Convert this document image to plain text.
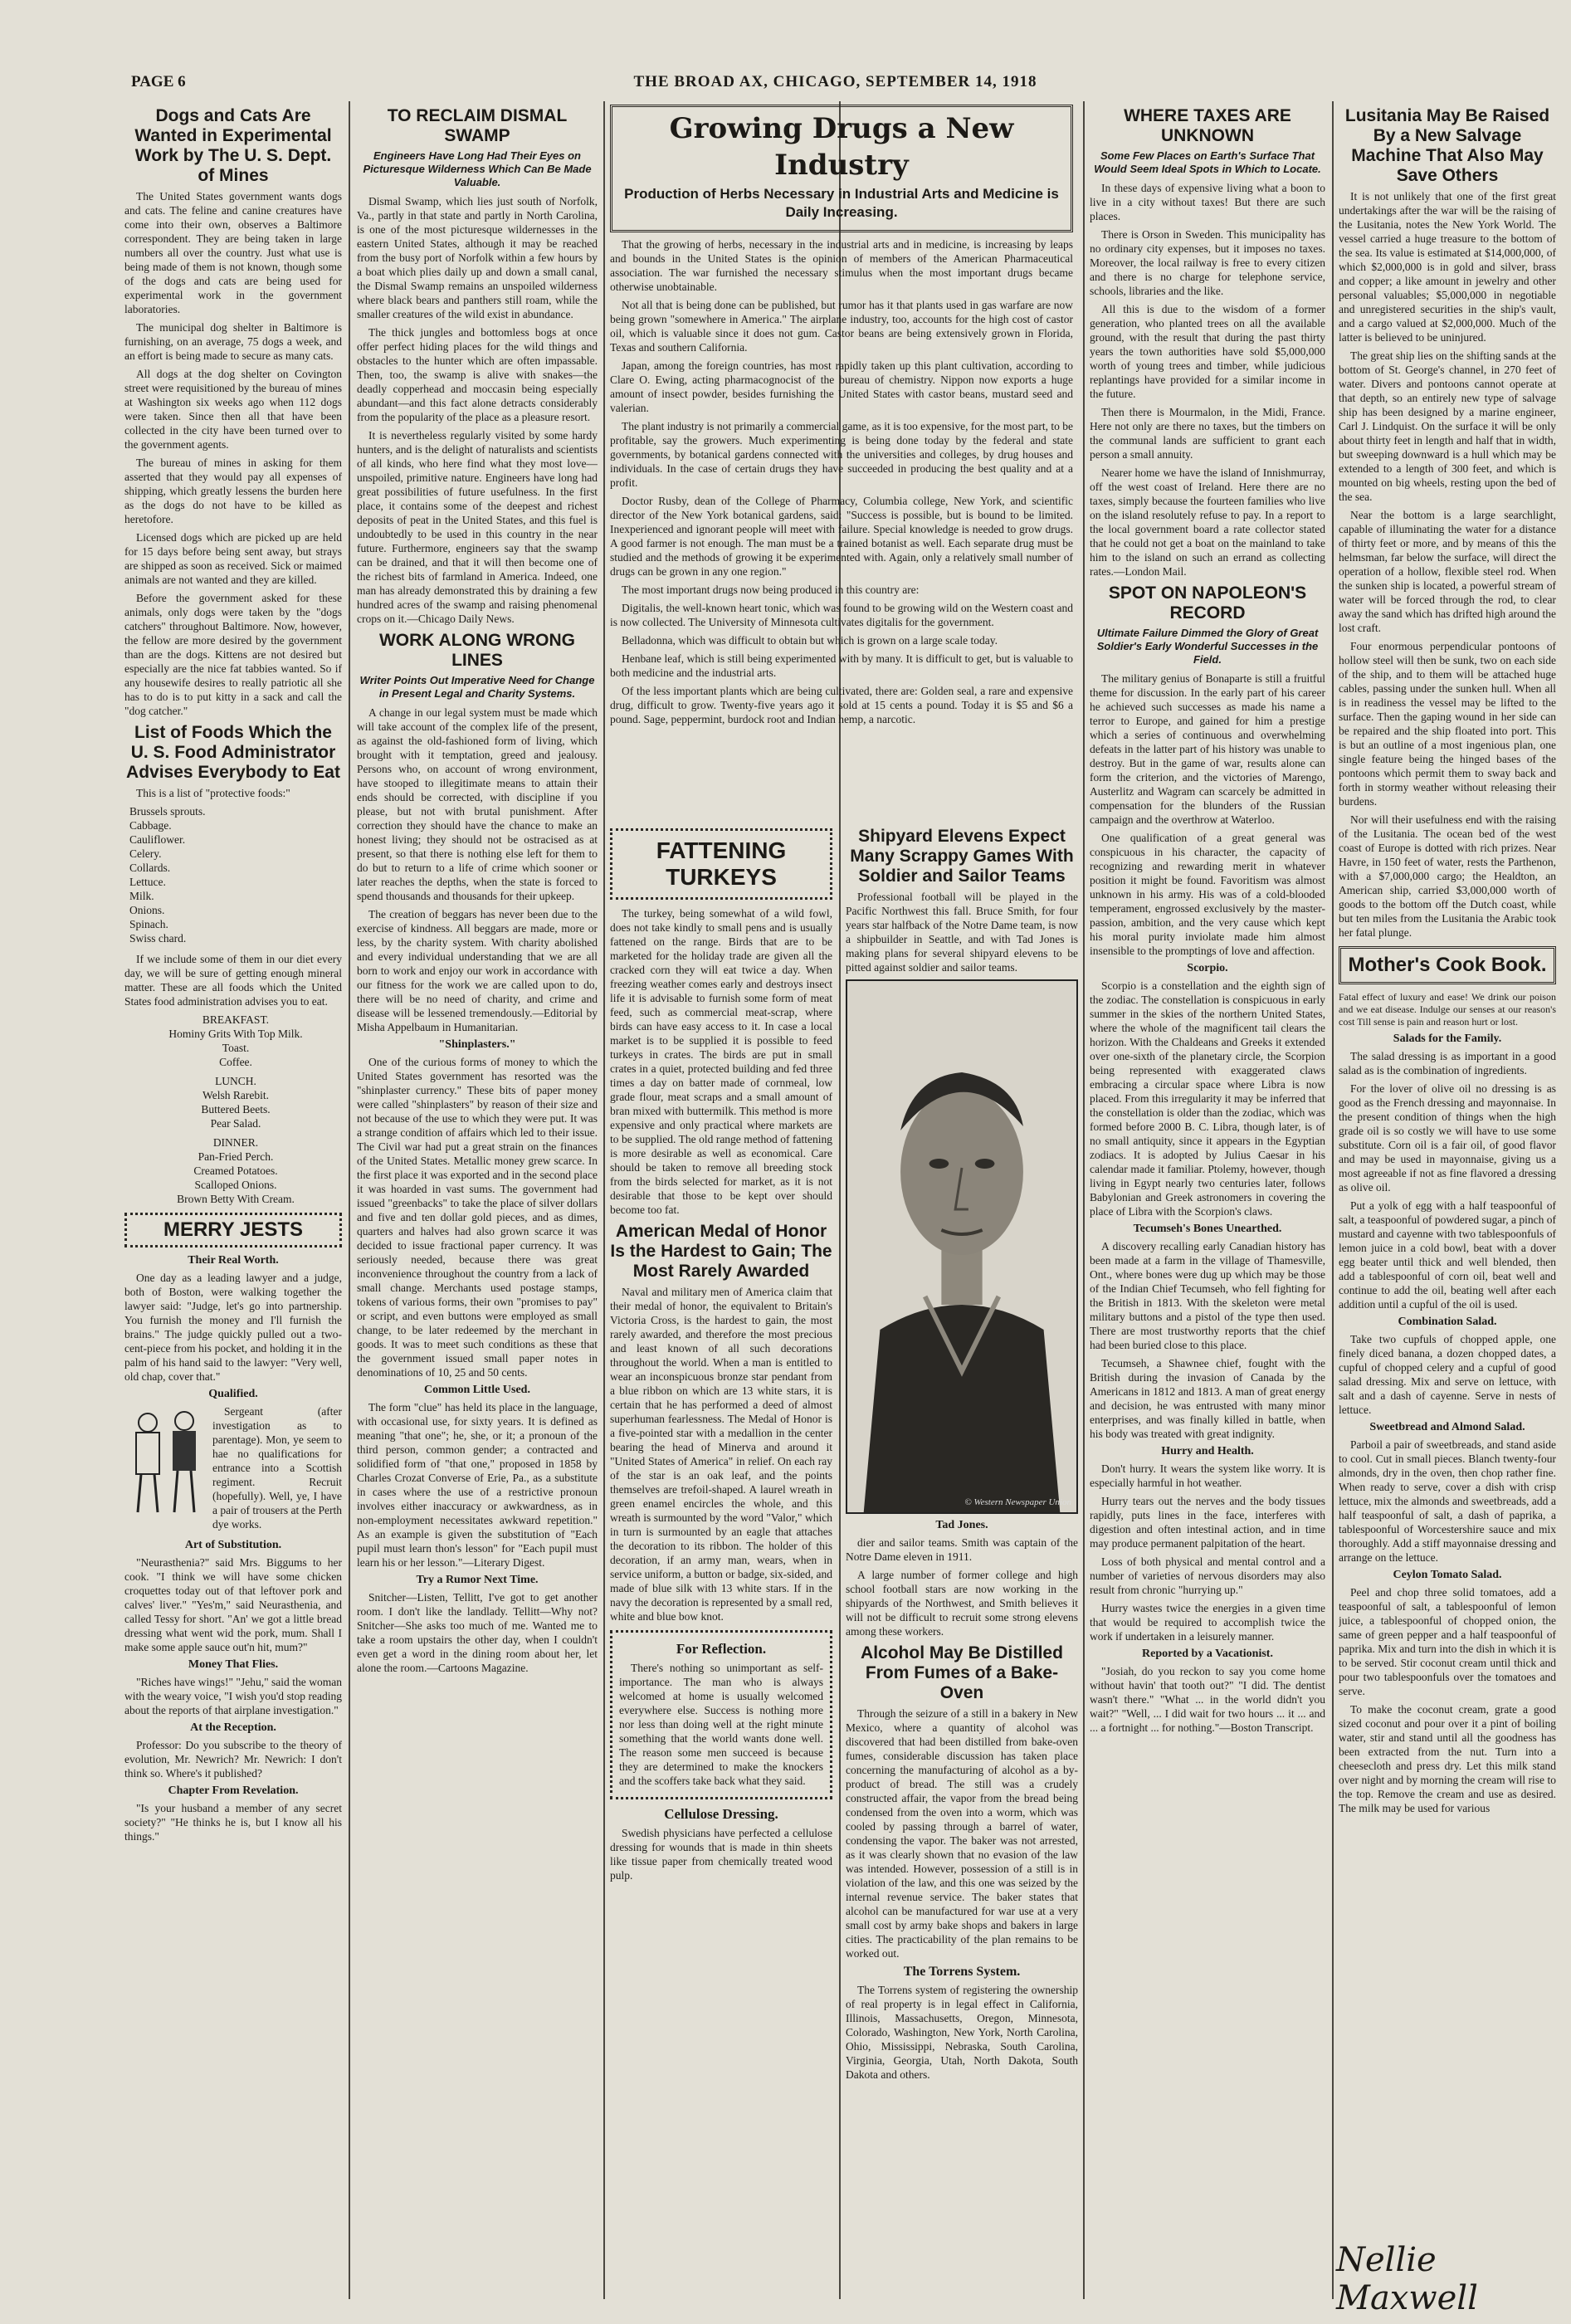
PAGE 6	THE BROAD AX, CHICAGO, SEPTEMBER 14, 1918
Dogs and Cats Are Wanted in Experimental Work by The U. S. Dept. of Mines

The United States government wants dogs and cats. The feline and canine creatures have come into their own, observes a Baltimore correspondent. They are being taken in large numbers all over the country. Just what use is being made of them is not known, though some of the dogs and cats are being used for experimental work in the government laboratories.

The municipal dog shelter in Baltimore is furnishing, on an average, 75 dogs a week, and an effort is being made to secure as many cats.

All dogs at the dog shelter on Covington street were requisitioned by the bureau of mines at Washington six weeks ago when 112 dogs were taken. Since then all that have been collected in the city have been turned over to the government agents.

The bureau of mines in asking for them asserted that they would pay all expenses of shipping, which greatly lessens the burden here as the dogs do not have to be killed as heretofore.

Licensed dogs which are picked up are held for 15 days before being sent away, but strays are shipped as soon as received. Sick or maimed animals are not wanted and they are killed.

Before the government asked for these animals, only dogs were taken by the "dogs catchers" throughout Baltimore. Now, however, the fellow are more desired by the government than are the dogs. Kittens are not desired but especially are the nice fat tabbies wanted. So if any housewife desires to really patriotic all she has to do is to put kitty in a sack and call the "dog catcher."

List of Foods Which the U. S. Food Administrator Advises Everybody to Eat

This is a list of "protective foods:"

Brussels sprouts.
Cabbage.
Cauliflower.
Celery.
Collards.
Lettuce.
Milk.
Onions.
Spinach.
Swiss chard.

If we include some of them in our diet every day, we will be sure of getting enough mineral matter. These are all foods which the United States food administration advises you to eat.

BREAKFAST.
Hominy Grits With Top Milk.
Toast.
Coffee.
LUNCH.
Welsh Rarebit.
Buttered Beets.
Pear Salad.
DINNER.
Pan-Fried Perch.
Creamed Potatoes.
Scalloped Onions.
Brown Betty With Cream.
MERRY JESTS
Their Real Worth.

One day as a leading lawyer and a judge, both of Boston, were walking together the lawyer said: "Judge, let's go into partnership. You furnish the money and I'll furnish the brains." The judge quickly pulled out a two-cent-piece from his pocket, and holding it in the palm of his hand said to the lawyer: "Very well, old chap, cover that."

Qualified.

Sergeant (after investigation as to parentage). Mon, ye seem to hae no qualifications for entrance into a Scottish regiment. Recruit (hopefully). Well, ye, I have a pair of trousers at the Perth dye works.

Art of Substitution.

"Neurasthenia?" said Mrs. Biggums to her cook. "I think we will have some chicken croquettes today out of that leftover pork and calves' liver." "Yes'm," said Neurasthenia, and called Tessy for short. "An' we got a little bread dressing what went wid the pork, mum. Shall I make some apple sauce out'n hit, mum?"

Money That Flies.

"Riches have wings!" "Jehu," said the woman with the weary voice, "I wish you'd stop reading about the reports of that airplane investigation."

At the Reception.

Professor: Do you subscribe to the theory of evolution, Mr. Newrich? Mr. Newrich: I don't think so. Where's it published?

Chapter From Revelation.

"Is your husband a member of any secret society?" "He thinks he is, but I know all his things."

TO RECLAIM DISMAL SWAMP
Engineers Have Long Had Their Eyes on Picturesque Wilderness Which Can Be Made Valuable.

Dismal Swamp, which lies just south of Norfolk, Va., partly in that state and partly in North Carolina, is one of the most picturesque wildernesses in the eastern United States, although it may be reached from the busy port of Norfolk within a few hours by a boat which plies daily up and down a small canal, the Dismal Swamp remains an unspoiled wilderness where black bears and panthers still roam, while the smaller creatures of the wild exist in abundance.

The thick jungles and bottomless bogs at once offer perfect hiding places for the wild things and obstacles to the hunter which are often impassable. Then, too, the swamp is alive with snakes—the deadly copperhead and moccasin being especially abundant—and this fact alone detracts considerably from the popularity of the place as a pleasure resort.

It is nevertheless regularly visited by some hardy hunters, and is the delight of naturalists and scientists of all kinds, who here find what they most love—unspoiled, primitive nature. Engineers have long had great possibilities of future usefulness. In the first place, it contains some of the deepest and richest deposits of peat in the United States, and this fuel is undoubtedly to be used in this country in the near future. Furthermore, engineers say that the swamp can be drained, and that it will then become one of the richest bits of farmland in America. Indeed, one man has already demonstrated this by draining a few hundred acres of the swamp and raising phenomenal crops on it.—Chicago Daily News.

WORK ALONG WRONG LINES
Writer Points Out Imperative Need for Change in Present Legal and Charity Systems.

A change in our legal system must be made which will take account of the complex life of the present, as against the old-fashioned form of living, which brought with it temptation, greed and jealousy. Persons who, on account of wrong environment, have stooped to illegitimate means to attain their ends should be corrected, with discipline if you please, but not with brutal punishment. After correction they should have the chance to make an honest living; they should not be ostracised as at present, so that there is nothing else left for them to do but to return to a life of crime which sooner or later reaches the depths, when the state is forced to spend thousands and thousands for their upkeep.

The creation of beggars has never been due to the exercise of kindness. All beggars are made, more or less, by the charity system. With charity abolished and every individual understanding that we are all born to work and enjoy our work in accordance with our fitness for the work we are called upon to do, there will be no need of charity, and crime and disease will be lessened tremendously.—Editorial by Misha Appelbaum in Humanitarian.

"Shinplasters."

One of the curious forms of money to which the United States government has resorted was the "shinplaster currency." These bits of paper money were called "shinplasters" by reason of their size and not because of the use to which they were put. It was a strange condition of affairs which led to their issue. The Civil war had put a great strain on the finances of the United States. Metallic money grew scarce. In the first place it was exported and in the second place it was hoarded in vast sums. The government had issued "greenbacks" to take the place of silver dollars and five and ten dollar gold pieces, and as dimes, quarters and halves had also grown scarce it was decided to issue fractional paper currency. It was seriously needed, because there was great inconvenience throughout the country from a lack of small change. Merchants used postage stamps, tokens of various forms, their own "promises to pay" or script, and even buttons were employed as small change, to be later redeemed by the merchant in goods. It was to meet such conditions as these that the government issued small paper notes in denominations of 10, 25 and 50 cents.

Common Little Used.

The form "clue" has held its place in the language, with occasional use, for sixty years. It is defined as meaning "that one"; he, she, or it; a pronoun of the third person, common gender; a contracted and solidified form of "that one," proposed in 1858 by Charles Crozat Converse of Erie, Pa., as a substitute in cases where the use of a restrictive pronoun involves either inaccuracy or awkwardness, as in non-employment necessitates awkward repetition." As an example is given the substitution of "Each pupil must learn thon's lesson" for "Each pupil must learn his or her lesson."—Literary Digest.

Try a Rumor Next Time.

Snitcher—Listen, Tellitt, I've got to get another room. I don't like the landlady. Tellitt—Why not? Snitcher—She asks too much of me. Wanted me to take a room upstairs the other day, when I couldn't even get a word in the dining room about her, let alone the room.—Cartoons Magazine.

Growing Drugs a New Industry
Production of Herbs Necessary in Industrial Arts and Medicine is Daily Increasing.

That the growing of herbs, necessary in the industrial arts and in medicine, is increasing by leaps and bounds in the United States is the opinion of members of the American Pharmaceutical association. The war furnished the necessary stimulus when the most important drugs became otherwise unobtainable.

Not all that is being done can be published, but rumor has it that plants used in gas warfare are now being grown "somewhere in America." The airplane industry, too, accounts for the high cost of castor oil, which is valuable since it does not gum. Castor beans are being extensively grown in Florida, Texas and southern California.

Japan, among the foreign countries, has most rapidly taken up this plant cultivation, according to Clare O. Ewing, acting pharmacognocist of the bureau of chemistry. Nippon now exports a huge amount of insect powder, besides furnishing the United States with castor beans, mustard seed and valerian.

The plant industry is not primarily a commercial game, as it is too expensive, for the most part, to be profitable, say the growers. Much experimenting is being done today by the federal and state governments, by botanical gardens connected with the universities and colleges, by drug houses and individuals. In the case of certain drugs they have succeeded in producing the best quality and at a profit.

Doctor Rusby, dean of the College of Pharmacy, Columbia college, New York, and scientific director of the New York botanical gardens, said: "Success is possible, but is bound to be limited. Inexperienced and ignorant people will meet with failure. Special knowledge is needed to grow drugs. A good farmer is not enough. The man must be a trained botanist as well. Each separate drug must be studied and the methods of growing it be experimented with. Again, only a relatively small number of drugs can be grown in any one region."

The most important drugs now being produced in this country are:

Digitalis, the well-known heart tonic, which was found to be growing wild on the Western coast and is now collected. The University of Minnesota cultivates digitalis for the government.

Belladonna, which was difficult to obtain but which is grown on a large scale today.

Henbane leaf, which is still being experimented with by many. It is difficult to get, but is valuable to both medicine and the industrial arts.

Of the less important plants which are being cultivated, there are: Golden seal, a rare and expensive drug, difficult to grow. Twenty-five years ago it sold at 15 cents a pound. Today it is $5 and $6 a pound. Sage, peppermint, burdock root and Indian hemp, a narcotic.

FATTENING TURKEYS

The turkey, being somewhat of a wild fowl, does not take kindly to small pens and is usually fattened on the range. Birds that are to be marketed for the holiday trade are given all the cracked corn they will eat twice a day. When freezing weather comes early and destroys insect life it is advisable to furnish some form of meat feed, such as commercial meat-scrap, where birds can have easy access to it. In case a local market is to be supplied it is possible to feed turkeys in crates. The birds are put in small crates in a quiet, protected building and fed three times a day on batter made of cornmeal, low grade flour, meat scraps and a small amount of bran mixed with buttermilk. This method is more expensive and only practical where markets are to be supplied. The old range method of fattening is more desirable as well as economical. Care should be taken to remove all breeding stock from the birds selected for market, as it is not desirable that those to be kept over should become too fat.

American Medal of Honor Is the Hardest to Gain; The Most Rarely Awarded

Naval and military men of America claim that their medal of honor, the equivalent to Britain's Victoria Cross, is the hardest to gain, the most rarely awarded, and therefore the most precious and least known of all such decorations throughout the world. When a man is entitled to wear an inconspicuous bronze star pendant from a blue ribbon on which are 13 white stars, it is certain that he has performed a deed of almost superhuman fearlessness. The Medal of Honor is a five-pointed star with a medallion in the center bearing the head of Minerva and around it "United States of America" in relief. On each ray of the star is an oak leaf, and the points themselves are trefoil-shaped. A laurel wreath in green enamel encircles the whole, and this wreath is surmounted by the word "Valor," which in turn is surmounted by an eagle that attaches the decoration to its ribbon. The holder of this decoration, if an army man, wears, when in service uniform, a button or badge, six-sided, and made of blue silk with 13 white stars. If in the navy the decoration is represented by a small red, white and blue bow knot.

For Reflection.

There's nothing so unimportant as self-importance. The man who is always welcomed at home is usually welcomed everywhere else. Success is nothing more nor less than doing well at the right minute something that the world wants done well. The reason some men succeed is because they are determined to make the knockers and the scoffers take back what they said.

Cellulose Dressing.

Swedish physicians have perfected a cellulose dressing for wounds that is made in thin sheets like tissue paper from chemically treated wood pulp.

Shipyard Elevens Expect Many Scrappy Games With Soldier and Sailor Teams

Professional football will be played in the Pacific Northwest this fall. Bruce Smith, for four years star halfback of the Notre Dame team, is now a shipbuilder in Seattle, and with Tad Jones is making plans for several shipyard elevens to be pitted against soldier and sailor teams.

© Western Newspaper Union
Tad Jones.

dier and sailor teams. Smith was captain of the Notre Dame eleven in 1911.

A large number of former college and high school football stars are now working in the shipyards of the Northwest, and Smith believes it will not be difficult to recruit some strong elevens among these workers.

Alcohol May Be Distilled From Fumes of a Bake-Oven

Through the seizure of a still in a bakery in New Mexico, where a quantity of alcohol was discovered that had been distilled from bake-oven fumes, considerable discussion has taken place concerning the manufacturing of alcohol as a by-product of bread. The still was a crudely constructed affair, the vapor from the bread being condensed from the oven into a worm, which was cooled by passing through a barrel of water, condensing the vapor. The baker was not arrested, as it was clearly shown that no evasion of the law was intended. However, possession of a still is in violation of the law, and this one was seized by the internal revenue service. The baker states that alcohol can be manufactured for war use at a very small cost by army bake shops and bakers in large cities. The practicability of the plan remains to be worked out.

The Torrens System.

The Torrens system of registering the ownership of real property is in legal effect in California, Illinois, Massachusetts, Oregon, Minnesota, Colorado, Washington, New York, North Carolina, Ohio, Mississippi, Nebraska, South Carolina, Virginia, Georgia, Utah, North Dakota, South Dakota and others.

WHERE TAXES ARE UNKNOWN
Some Few Places on Earth's Surface That Would Seem Ideal Spots in Which to Locate.

In these days of expensive living what a boon to live in a city without taxes! But there are such places.

There is Orson in Sweden. This municipality has no ordinary city expenses, but it imposes no taxes. Moreover, the local railway is free to every citizen and there is no charge for telephone service, schools, libraries and the like.

All this is due to the wisdom of a former generation, who planted trees on all the available ground, with the result that during the past thirty years the town authorities have sold $5,000,000 worth of young trees and timber, while judicious replantings have provided for a similar income in the future.

Then there is Mourmalon, in the Midi, France. Here not only are there no taxes, but the timbers on the communal lands are sufficient to grant each person a small annuity.

Nearer home we have the island of Innishmurray, off the west coast of Ireland. Here there are no taxes, simply because the fourteen families who live on the island resolutely refuse to pay. In a report to the local government board a rate collector stated that he could not get a boat on the mainland to take him to the island on such an errand as collecting rates.—London Mail.

SPOT ON NAPOLEON'S RECORD
Ultimate Failure Dimmed the Glory of Great Soldier's Early Wonderful Successes in the Field.

The military genius of Bonaparte is still a fruitful theme for discussion. In the early part of his career he achieved such successes as made his name a terror to Europe, and gained for him a prestige which a series of continuous and overwhelming defeats in the latter part of his history was unable to destroy. But in the game of war, results alone can form the criterion, and the victories of Marengo, Austerlitz and Wagram can scarcely be admitted in compensation for the blunders of the Russian campaign and the overthrow at Waterloo.

One qualification of a great general was conspicuous in his character, the capacity of recognizing and rewarding merit in whatever position it might be found. Favoritism was almost unknown in his army. His was of a cold-blooded temperament, engrossed exclusively by the master-passion, ambition, and the very cause which kept his moral purity inviolate made him almost insensible to the promptings of love and affection.

Scorpio.

Scorpio is a constellation and the eighth sign of the zodiac. The constellation is conspicuous in early summer in the skies of the northern United States, where the whole of the magnificent tail clears the horizon. With the Chaldeans and Greeks it extended over one-sixth of the planetary circle, the Scorpion being represented with exaggerated claws embracing a circular space where Libra is now placed. From this irregularity it may be inferred that the constellation is older than the zodiac, which was formed before 2000 B. C. Libra, though later, is of no small antiquity, since it appears in the Egyptian zodiacs. It is adopted by Julius Caesar in his calendar made it familiar. Ptolemy, however, though living in Egypt nearly two centuries later, follows Babylonian and Greek astronomers in covering the place of Libra with the Scorpion's claws.

Tecumseh's Bones Unearthed.

A discovery recalling early Canadian history has been made at a farm in the village of Thamesville, Ont., where bones were dug up which may be those of the Indian Chief Tecumseh, who fell fighting for the British in 1813. With the skeleton were metal military buttons and a pistol of the type then used. There are most trustworthy reports that the chief had been buried close to this place.

Tecumseh, a Shawnee chief, fought with the British during the invasion of Canada by the Americans in 1812 and 1813. A man of great energy and decision, he was entrusted with many minor enterprises, and was finally killed in battle, when his body was treated with great indignity.

Hurry and Health.

Don't hurry. It wears the system like worry. It is especially harmful in hot weather.

Hurry tears out the nerves and the body tissues rapidly, puts lines in the face, interferes with digestion and often intestinal action, and in time may produce permanent palpitation of the heart.

Loss of both physical and mental control and a number of varieties of nervous disorders may also result from chronic "hurrying up."

Hurry wastes twice the energies in a given time that would be required to accomplish twice the work if undertaken in a leisurely manner.

Reported by a Vacationist.

"Josiah, do you reckon to say you come home without havin' that tooth out?" "I did. The dentist wasn't there." "What ... in the world didn't you wait?" "Well, ... I did wait for two hours ... it ... and ... a fortnight ... for nothing."—Boston Transcript.

Lusitania May Be Raised By a New Salvage Machine That Also May Save Others

It is not unlikely that one of the first great undertakings after the war will be the raising of the Lusitania, notes the New York World. The vessel carried a huge treasure to the bottom of the sea. Its value is estimated at $14,000,000, of which $2,000,000 is in gold and silver, brass and copper; a like amount in jewelry and other personal valuables; $5,000,000 in negotiable and unregistered securities in the ship's vault, and a cargo valued at $2,000,000. Much of the latter is believed to be uninjured.

The great ship lies on the shifting sands at the bottom of St. George's channel, in 270 feet of water. Divers and pontoons cannot operate at that depth, so an entirely new type of salvage ship has been designed by a marine engineer, Carl J. Lindquist. On the surface it will be only about thirty feet in length and half that in width, but sweeping downward is a hull which may be extended to a length of 300 feet, and which is mounted on big wheels, resting upon the bed of the sea.

Near the bottom is a large searchlight, capable of illuminating the water for a distance of thirty feet or more, and by means of this the helmsman, far below the surface, will direct the operation of a hollow, flexible steel rod. When the sunken ship is located, a powerful stream of water will be forced through the rod, to clear away the sand which has drifted high around the lost craft.

Four enormous perpendicular pontoons of hollow steel will then be sunk, two on each side of the ship, and to them will be attached huge cables, passing under the sunken hull. When all is in readiness the vessel may be lifted to the surface. Then the gaping wound in her side can be repaired and the ship floated into port. This is but an outline of a most ingenious plan, one single feature being the hinged bases of the pontoons which permit them to sway back and forth in stormy weather without releasing their burdens.

Nor will their usefulness end with the raising of the Lusitania. The ocean bed of the west coast of Europe is dotted with rich prizes. Near Havre, in 150 feet of water, rests the Parthenon, with a $7,000,000 cargo; the Healdton, an American ship, carried $3,000,000 worth of goods to the bottom off the Dutch coast, while but ten miles from the Lusitania the Arabic took her fatal plunge.

Mother's Cook Book.

Fatal effect of luxury and ease! We drink our poison and we eat disease. Indulge our senses at our reason's cost Till sense is pain and reason hurt or lost.

Salads for the Family.

The salad dressing is as important in a good salad as is the combination of ingredients.

For the lover of olive oil no dressing is as good as the French dressing and mayonnaise. In the present condition of things when the high grade oil is so costly we will have to use some substitute. Corn oil is a fair oil, of good flavor and may be used in mayonnaise, giving us a most agreeable if not as fine flavored a dressing as olive oil.

Put a yolk of egg with a half teaspoonful of salt, a teaspoonful of powdered sugar, a pinch of mustard and cayenne with two tablespoonfuls of lemon juice in a cold bowl, beat with a dover egg beater until thick and well blended, then add a tablespoonful of corn oil, beat well and continue to add the oil, beating well after each addition until a cupful of the oil is used.

Combination Salad.

Take two cupfuls of chopped apple, one finely diced banana, a dozen chopped dates, a cupful of chopped celery and a cupful of good salad dressing. Mix and serve on lettuce, with salt and a dash of cayenne. Serve in nests of lettuce.

Sweetbread and Almond Salad.

Parboil a pair of sweetbreads, and stand aside to cool. Cut in small pieces. Blanch twenty-four almonds, dry in the oven, then chop rather fine. When ready to serve, cover a dish with crisp lettuce, mix the almonds and sweetbreads, add a half teaspoonful of salt, a dash of paprika, a tablespoonful of Worcestershire sauce and mix thoroughly. Add a stiff mayonnaise dressing and arrange on the lettuce.

Ceylon Tomato Salad.

Peel and chop three solid tomatoes, add a teaspoonful of salt, a tablespoonful of lemon juice, a tablespoonful of chopped onion, the same of green pepper and a half teaspoonful of paprika. Mix and turn into the dish in which it is to be served. Stir coconut cream until thick and pour two tablespoonfuls over the tomatoes and serve.

To make the coconut cream, grate a good sized coconut and pour over it a pint of boiling water, stir and stand until all the goodness has been extracted from the nut. Turn into a cheesecloth and press dry. Let this milk stand over night and by morning the cream will rise to the top. Remove the cream and use as desired. The milk may be used for various

Nellie Maxwell
